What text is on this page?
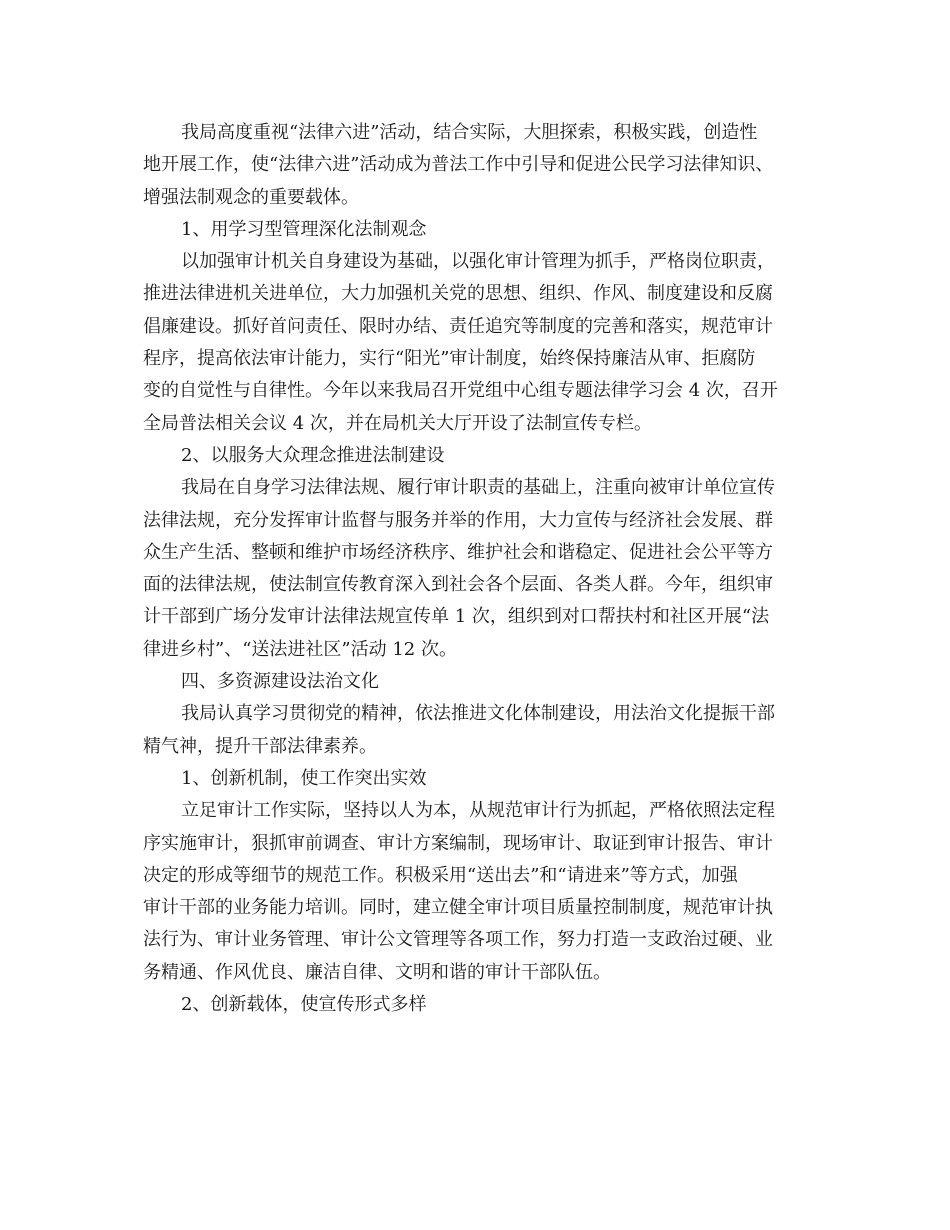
我局高度重视“法律六进”活动，结合实际，大胆探索，积极实践，创造性
地开展工作，使“法律六进”活动成为普法工作中引导和促进公民学习法律知识、
增强法制观念的重要载体。
1、用学习型管理深化法制观念
以加强审计机关自身建设为基础，以强化审计管理为抓手，严格岗位职责，
推进法律进机关进单位，大力加强机关党的思想、组织、作风、制度建设和反腐
倡廉建设。抓好首问责任、限时办结、责任追究等制度的完善和落实，规范审计
程序，提高依法审计能力，实行“阳光”审计制度，始终保持廉洁从审、拒腐防
变的自觉性与自律性。今年以来我局召开党组中心组专题法律学习会 4 次，召开
全局普法相关会议 4 次，并在局机关大厅开设了法制宣传专栏。
2、以服务大众理念推进法制建设
我局在自身学习法律法规、履行审计职责的基础上，注重向被审计单位宣传
法律法规，充分发挥审计监督与服务并举的作用，大力宣传与经济社会发展、群
众生产生活、整顿和维护市场经济秩序、维护社会和谐稳定、促进社会公平等方
面的法律法规，使法制宣传教育深入到社会各个层面、各类人群。今年，组织审
计干部到广场分发审计法律法规宣传单 1 次，组织到对口帮扶村和社区开展“法
律进乡村”、“送法进社区”活动 12 次。
四、多资源建设法治文化
我局认真学习贯彻党的精神，依法推进文化体制建设，用法治文化提振干部
精气神，提升干部法律素养。
1、创新机制，使工作突出实效
立足审计工作实际，坚持以人为本，从规范审计行为抓起，严格依照法定程
序实施审计，狠抓审前调查、审计方案编制，现场审计、取证到审计报告、审计
决定的形成等细节的规范工作。积极采用“送出去”和“请进来”等方式，加强
审计干部的业务能力培训。同时，建立健全审计项目质量控制制度，规范审计执
法行为、审计业务管理、审计公文管理等各项工作，努力打造一支政治过硬、业
务精通、作风优良、廉洁自律、文明和谐的审计干部队伍。
2、创新载体，使宣传形式多样
